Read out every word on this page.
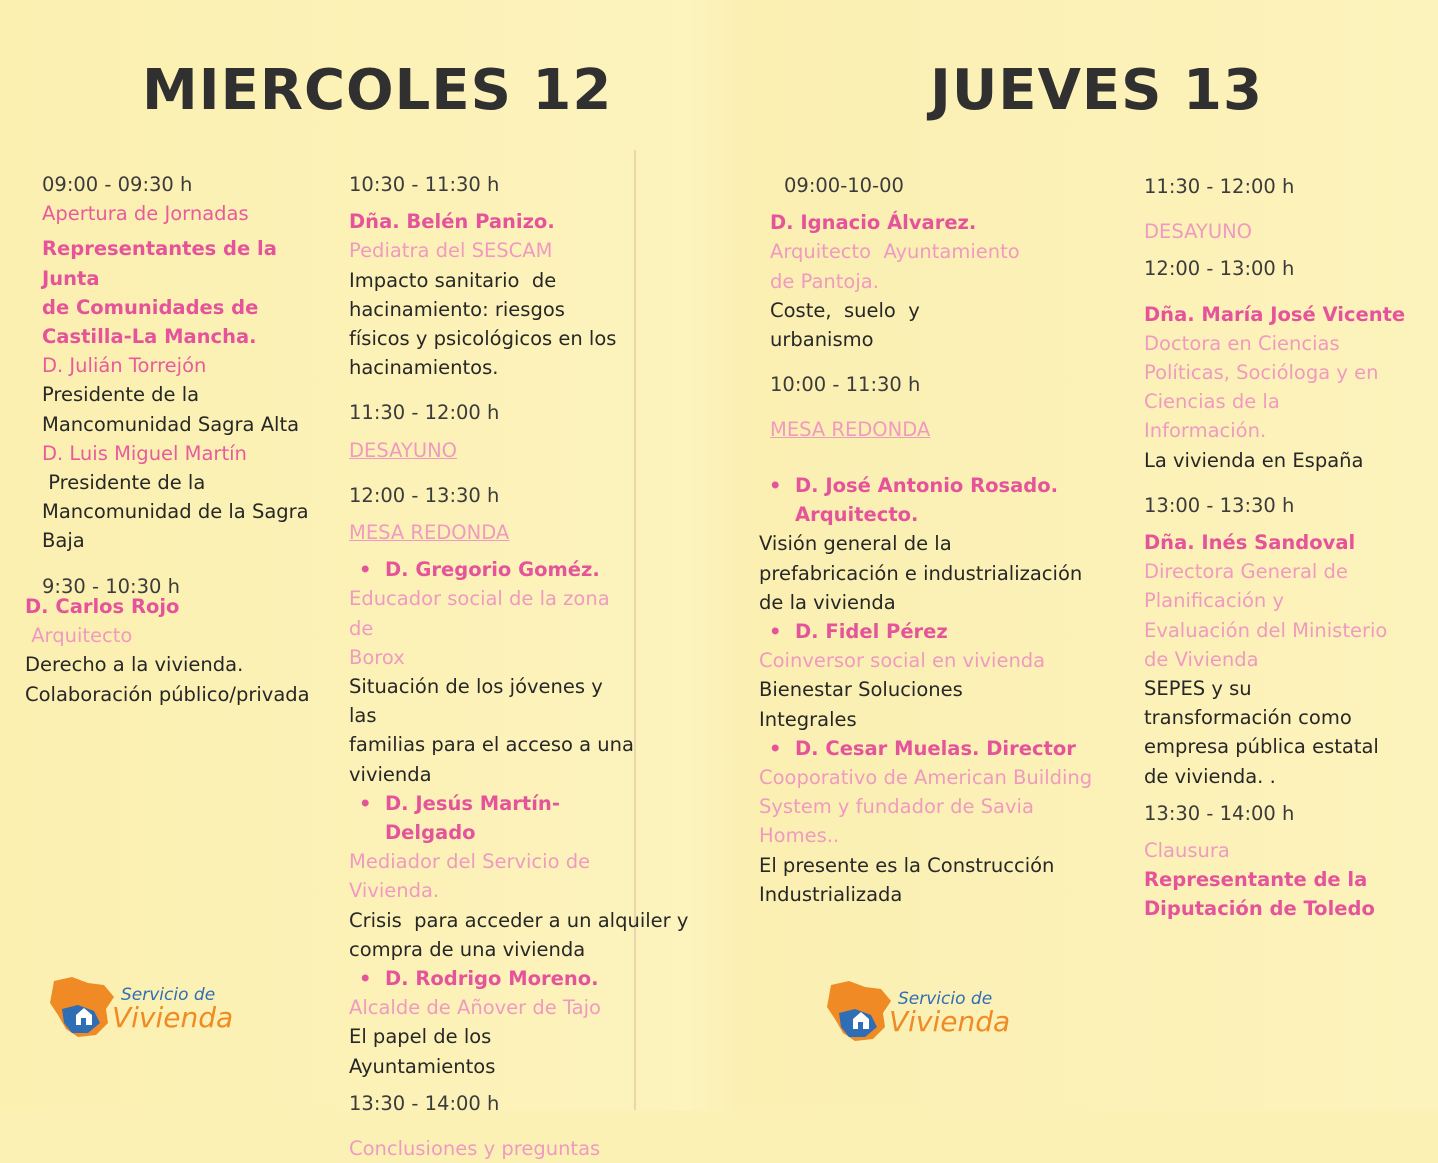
MIERCOLES 12

09:00 - 09:30 h

Apertura de Jornadas

Representantes de la Junta

de Comunidades de

Castilla-La Mancha.

D. Julián Torrejón

Presidente de la

Mancomunidad Sagra Alta

D. Luis Miguel Martín

Presidente de la

Mancomunidad de la Sagra

Baja

9:30 - 10:30 h

D. Carlos Rojo

Arquitecto

Derecho a la vivienda.

Colaboración público/privada

10:30 - 11:30 h

Dña. Belén Panizo.

Pediatra del SESCAM

Impacto sanitario  de

hacinamiento: riesgos

físicos y psicológicos en los

hacinamientos.

11:30 - 12:00 h

DESAYUNO

12:00 - 13:30 h

MESA REDONDA

• D. Gregorio Goméz.

Educador social de la zona de

Borox

Situación de los jóvenes y las

familias para el acceso a una

vivienda

• D. Jesús Martín-Delgado

Mediador del Servicio de

Vivienda.

Crisis  para acceder a un alquiler y

compra de una vivienda

• D. Rodrigo Moreno.

Alcalde de Añover de Tajo

El papel de los Ayuntamientos

13:30 - 14:00 h

Conclusiones y preguntas

JUEVES 13

09:00-10-00

D. Ignacio Álvarez.

Arquitecto  Ayuntamiento

de Pantoja.

Coste,  suelo  y

urbanismo

10:00 - 11:30 h

MESA REDONDA

• D. José Antonio Rosado.

Arquitecto.

Visión general de la

prefabricación e industrialización

de la vivienda

• D. Fidel Pérez

Coinversor social en vivienda

Bienestar Soluciones

Integrales

• D. Cesar Muelas. Director

Cooporativo de American Building

System y fundador de Savia

Homes..

El presente es la Construcción

Industrializada

11:30 - 12:00 h

DESAYUNO

12:00 - 13:00 h

Dña. María José Vicente

Doctora en Ciencias

Políticas, Socióloga y en

Ciencias de la

Información.

La vivienda en España

13:00 - 13:30 h

Dña. Inés Sandoval

Directora General de

Planificación y

Evaluación del Ministerio

de Vivienda

SEPES y su

transformación como

empresa pública estatal

de vivienda. .

13:30 - 14:00 h

Clausura

Representante de la

Diputación de Toledo

Servicio de
Vivienda
Servicio de
Vivienda
